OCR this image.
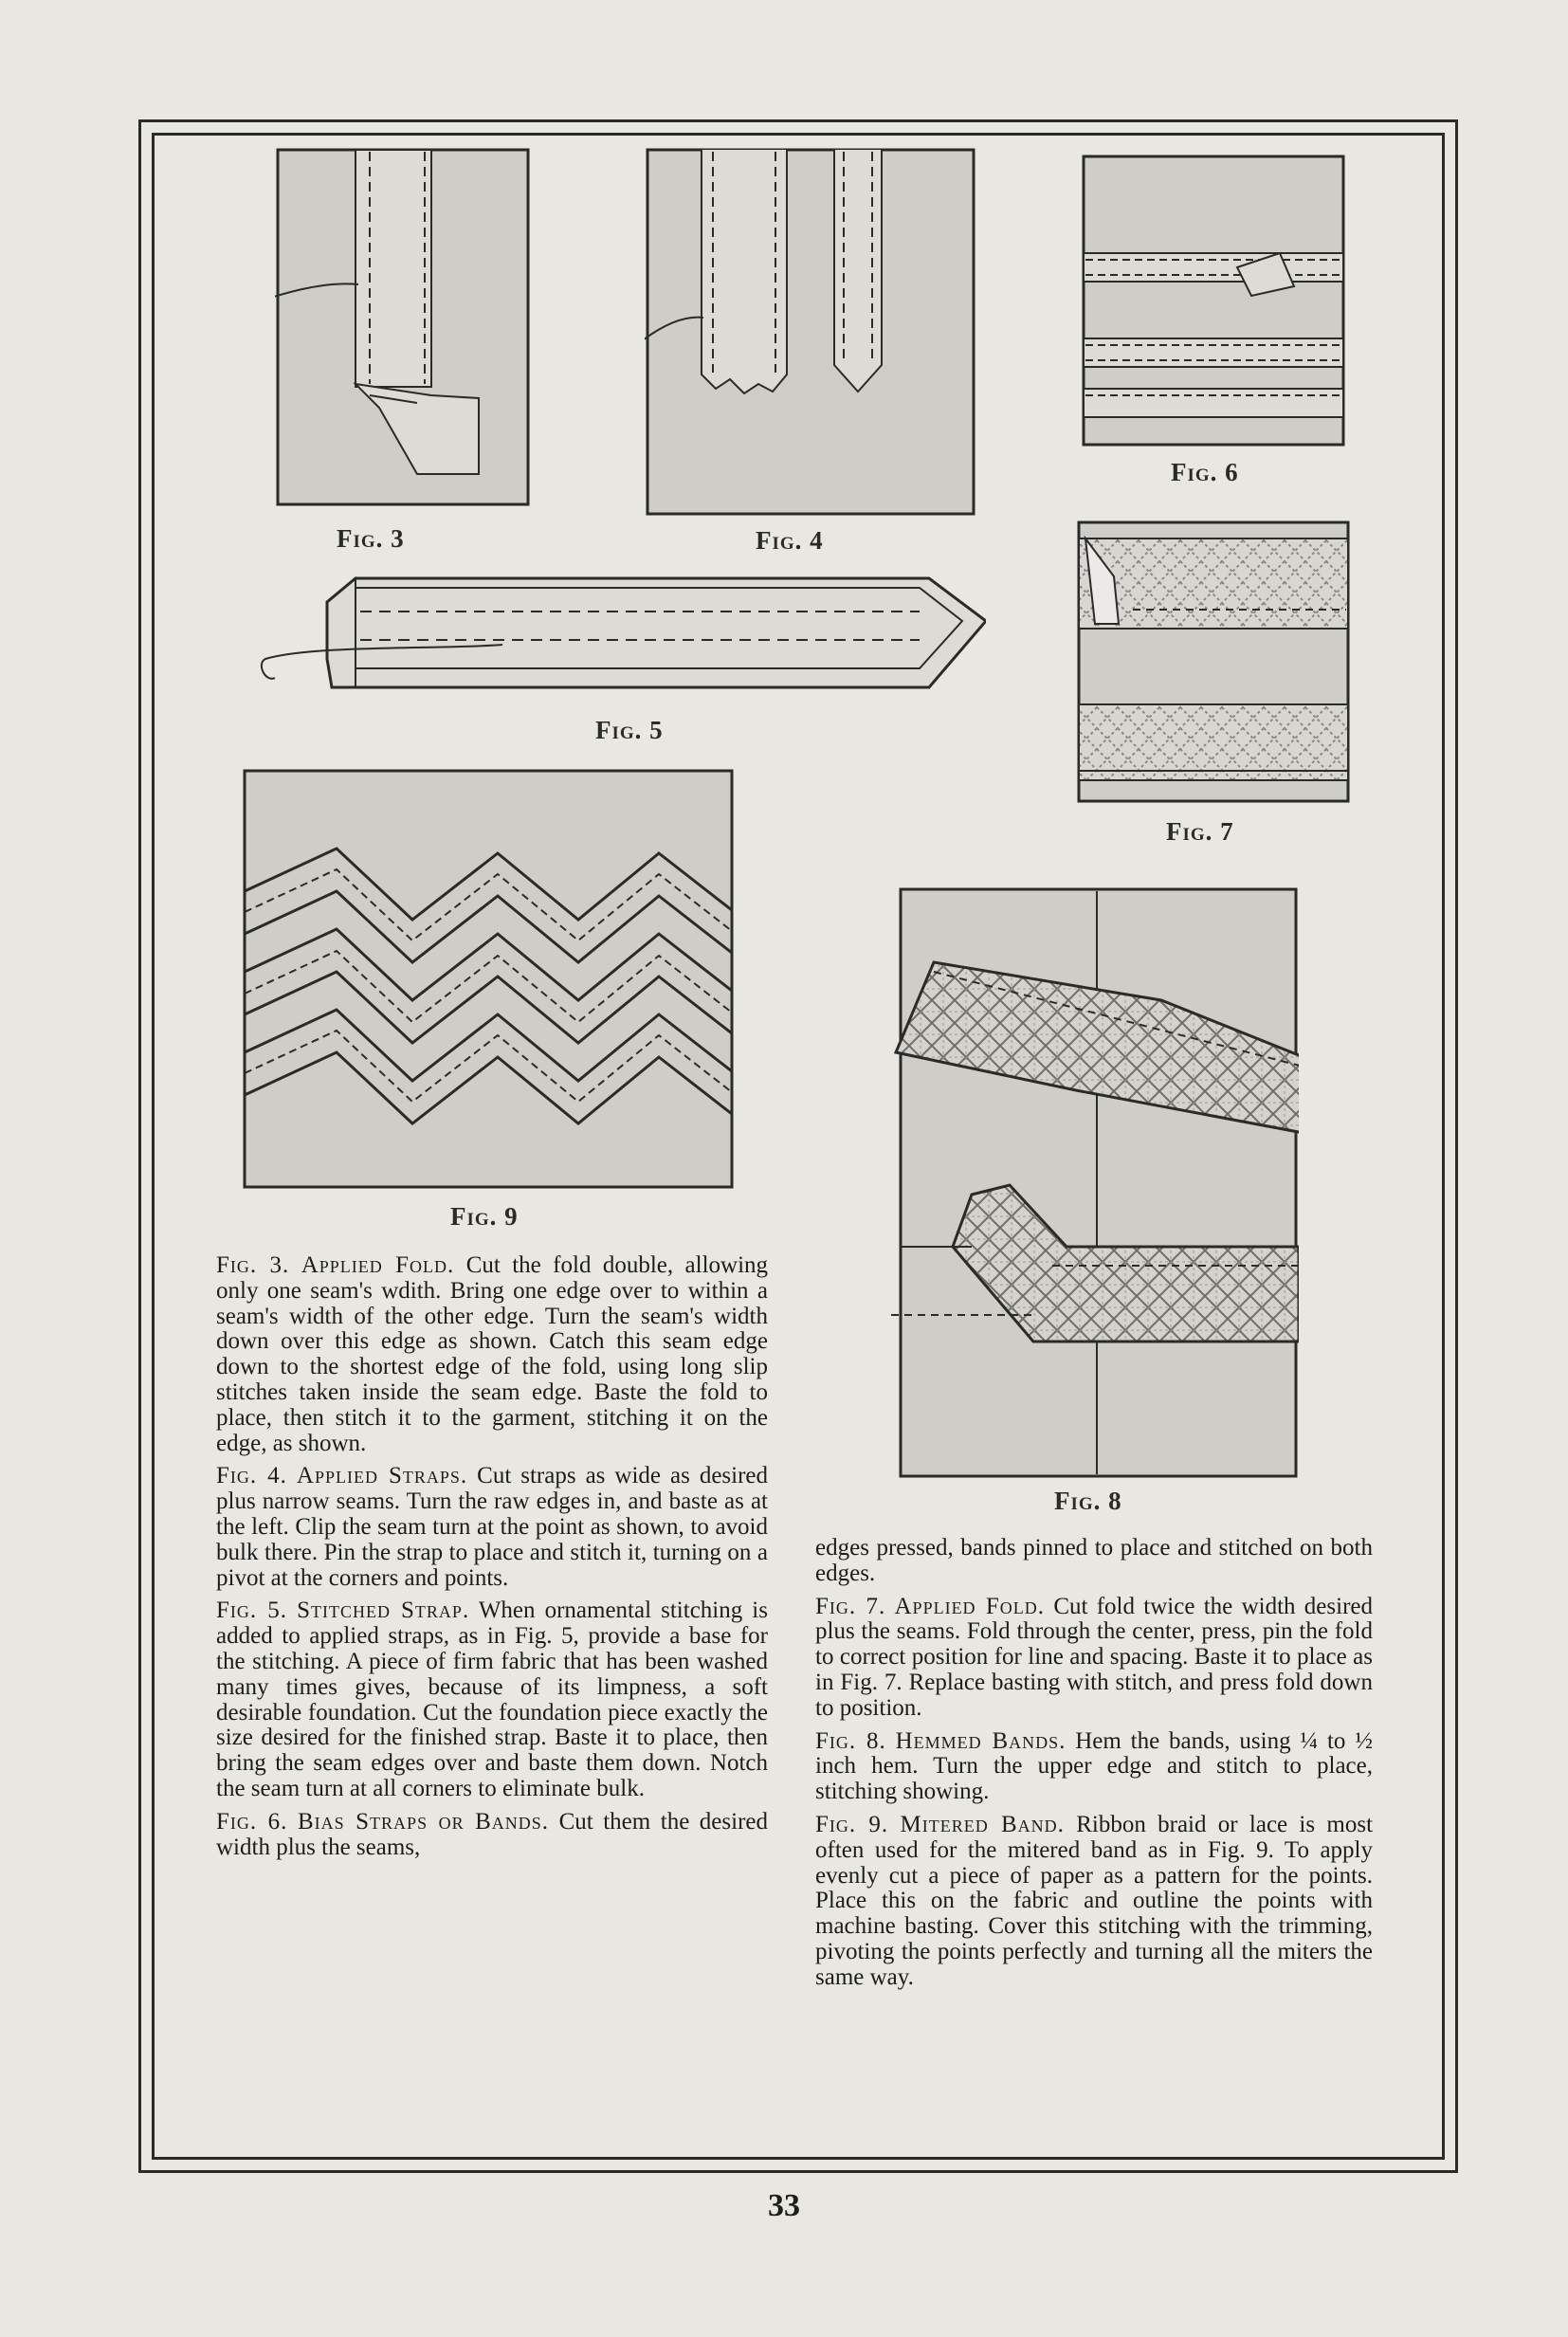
Fig. 3	Fig. 4
Fig. 6
Fig. 5
Fig. 7
Fig. 9
Fig. 8

Fig. 3. Applied Fold. Cut the fold double, allowing only one seam's wdith. Bring one edge over to within a seam's width of the other edge. Turn the seam's width down over this edge as shown. Catch this seam edge down to the shortest edge of the fold, using long slip stitches taken inside the seam edge. Baste the fold to place, then stitch it to the garment, stitching it on the edge, as shown.

Fig. 4. Applied Straps. Cut straps as wide as desired plus narrow seams. Turn the raw edges in, and baste as at the left. Clip the seam turn at the point as shown, to avoid bulk there. Pin the strap to place and stitch it, turning on a pivot at the corners and points.

Fig. 5. Stitched Strap. When ornamental stitching is added to applied straps, as in Fig. 5, provide a base for the stitching. A piece of firm fabric that has been washed many times gives, because of its limpness, a soft desirable foundation. Cut the foundation piece exactly the size desired for the finished strap. Baste it to place, then bring the seam edges over and baste them down. Notch the seam turn at all corners to eliminate bulk.

Fig. 6. Bias Straps or Bands. Cut them the desired width plus the seams,

edges pressed, bands pinned to place and stitched on both edges.

Fig. 7. Applied Fold. Cut fold twice the width desired plus the seams. Fold through the center, press, pin the fold to correct position for line and spacing. Baste it to place as in Fig. 7. Replace basting with stitch, and press fold down to position.

Fig. 8. Hemmed Bands. Hem the bands, using ¼ to ½ inch hem. Turn the upper edge and stitch to place, stitching showing.

Fig. 9. Mitered Band. Ribbon braid or lace is most often used for the mitered band as in Fig. 9. To apply evenly cut a piece of paper as a pattern for the points. Place this on the fabric and outline the points with machine basting. Cover this stitching with the trimming, pivoting the points perfectly and turning all the miters the same way.

33
